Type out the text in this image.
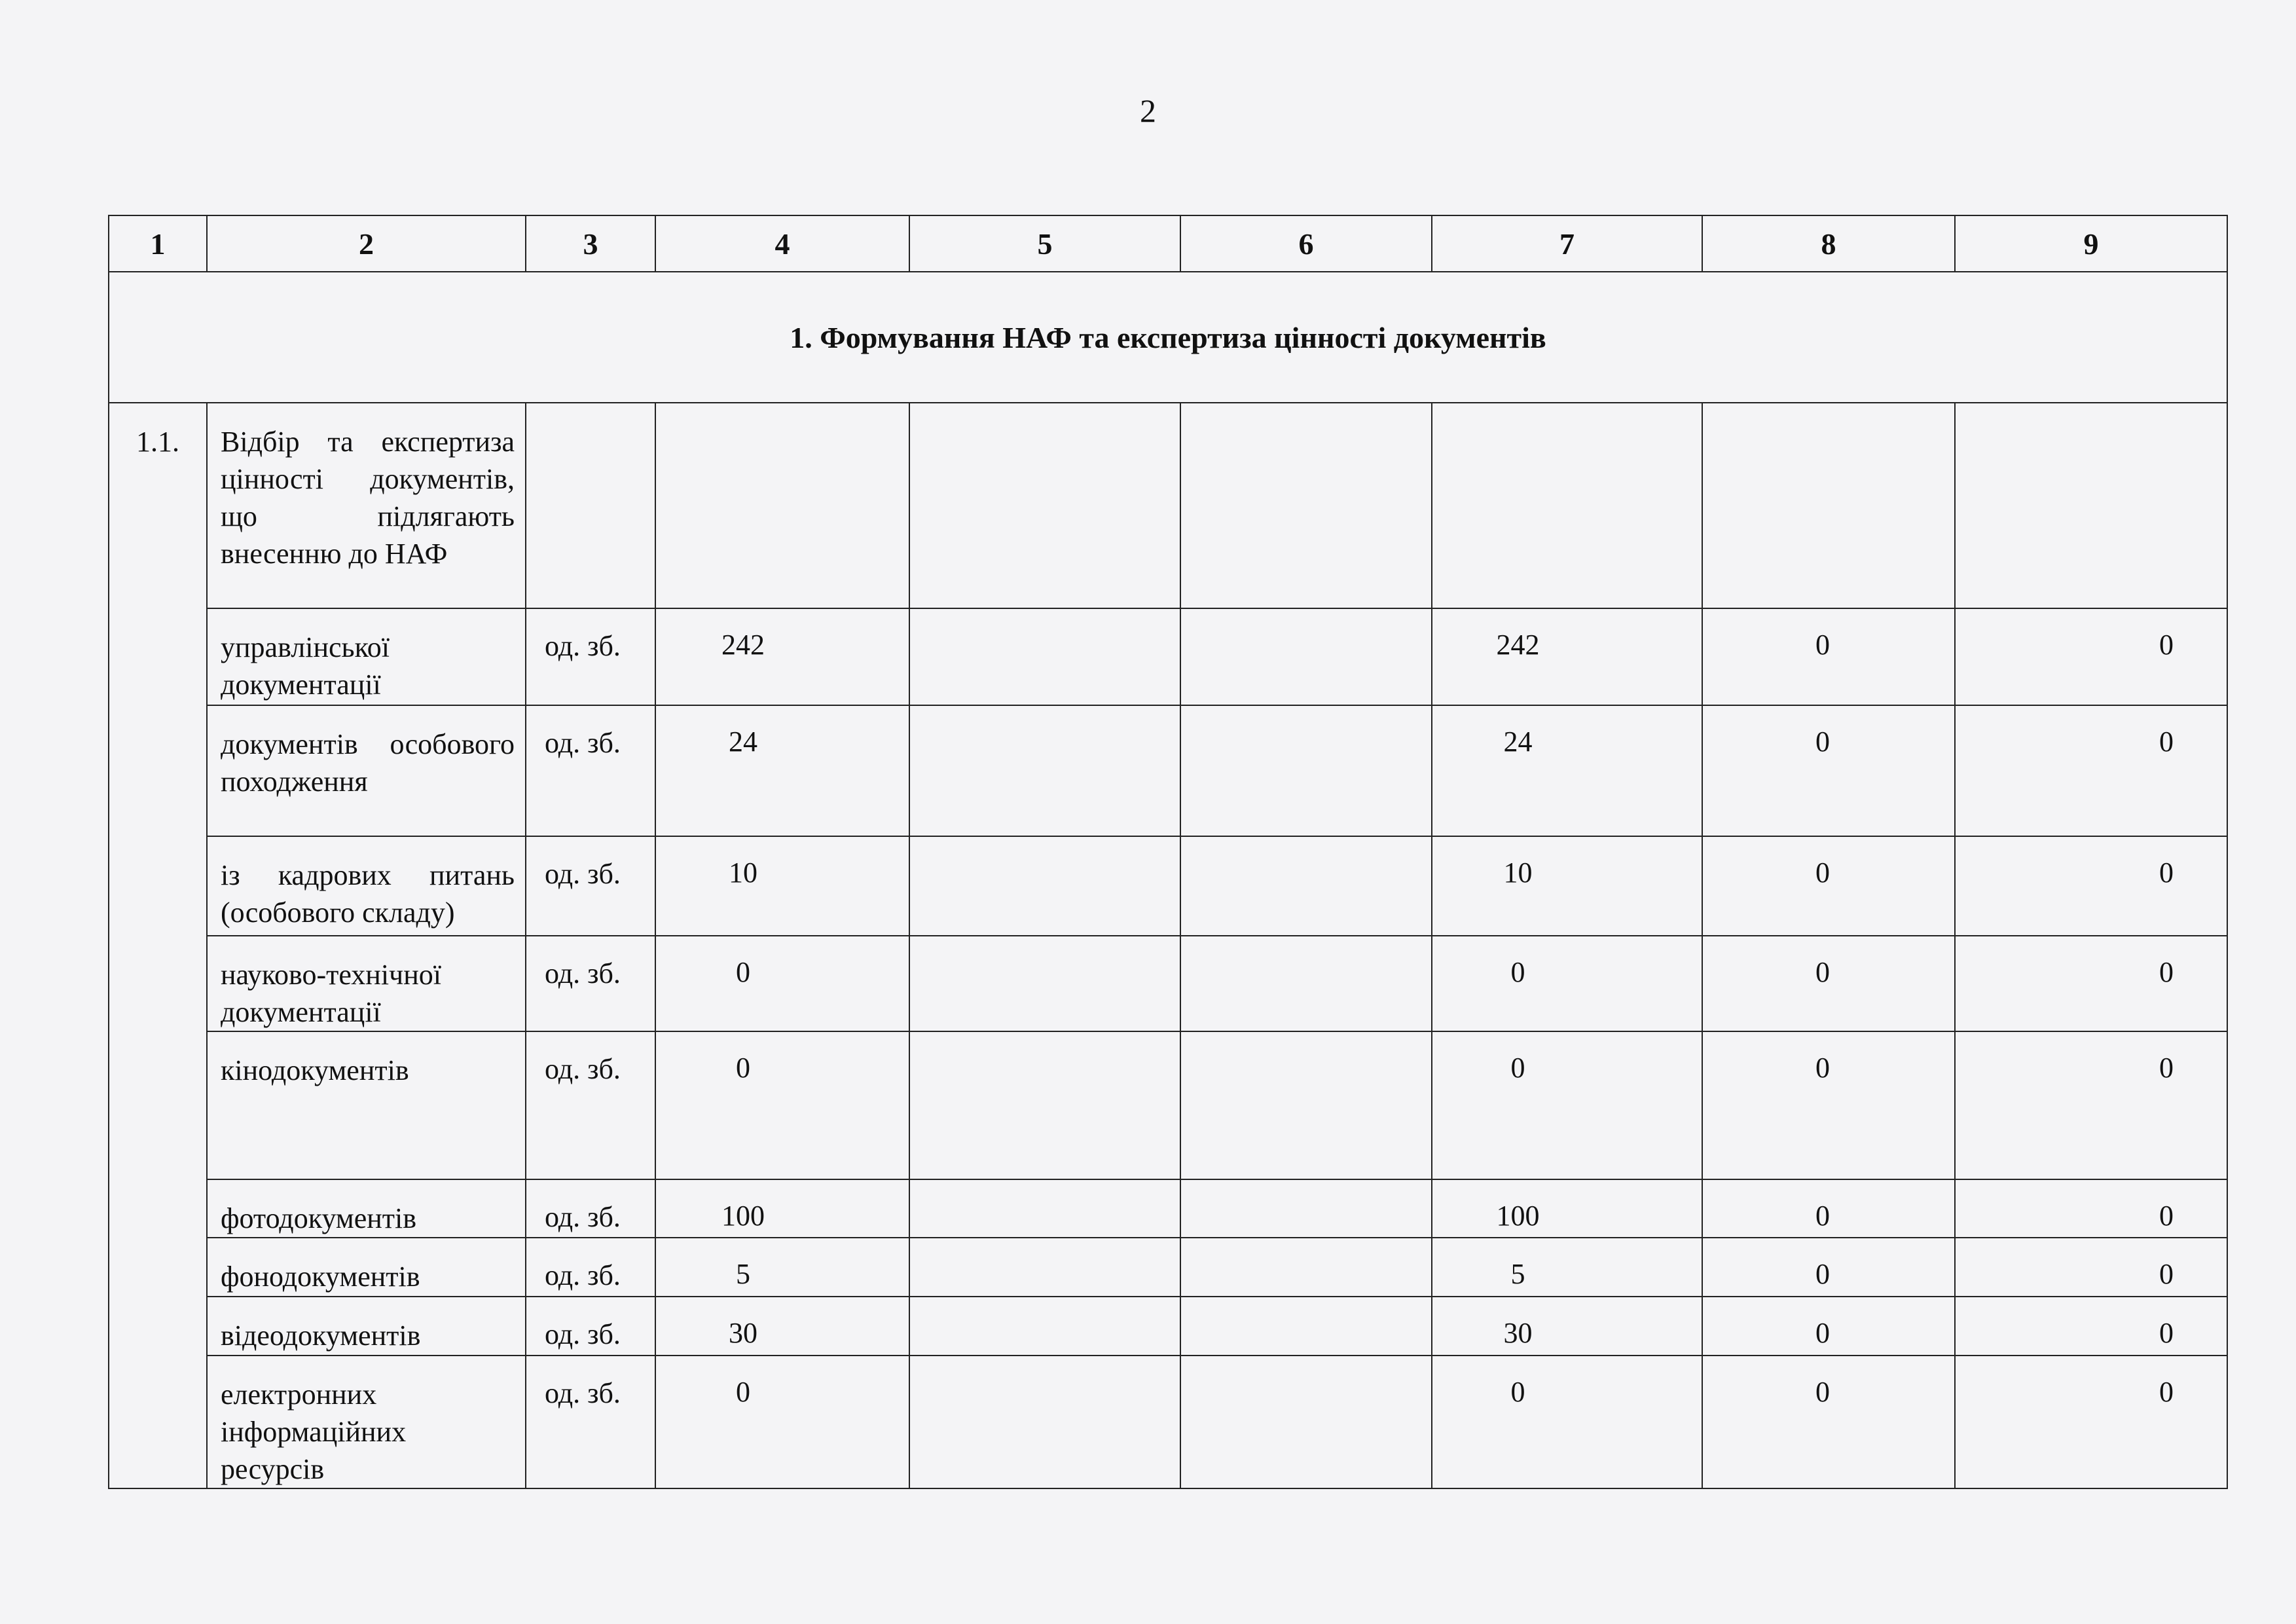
2
1	2	3	4	5	6	7	8	9
1. Формування НАФ та експертиза цінності документів								
1.1.	Відбір та експертиза цінності документів, що підлягають внесенню до НАФ							
	управлінської документації	од. зб.	242			242	0	0
	документів особового походження	од. зб.	24			24	0	0
	із кадрових питань (особового складу)	од. зб.	10			10	0	0
	науково-технічної документації	од. зб.	0			0	0	0
	кінодокументів	од. зб.	0			0	0	0
	фотодокументів	од. зб.	100			100	0	0
	фонодокументів	од. зб.	5			5	0	0
	відеодокументів	од. зб.	30			30	0	0
	електронних інформаційних ресурсів	од. зб.	0			0	0	0
